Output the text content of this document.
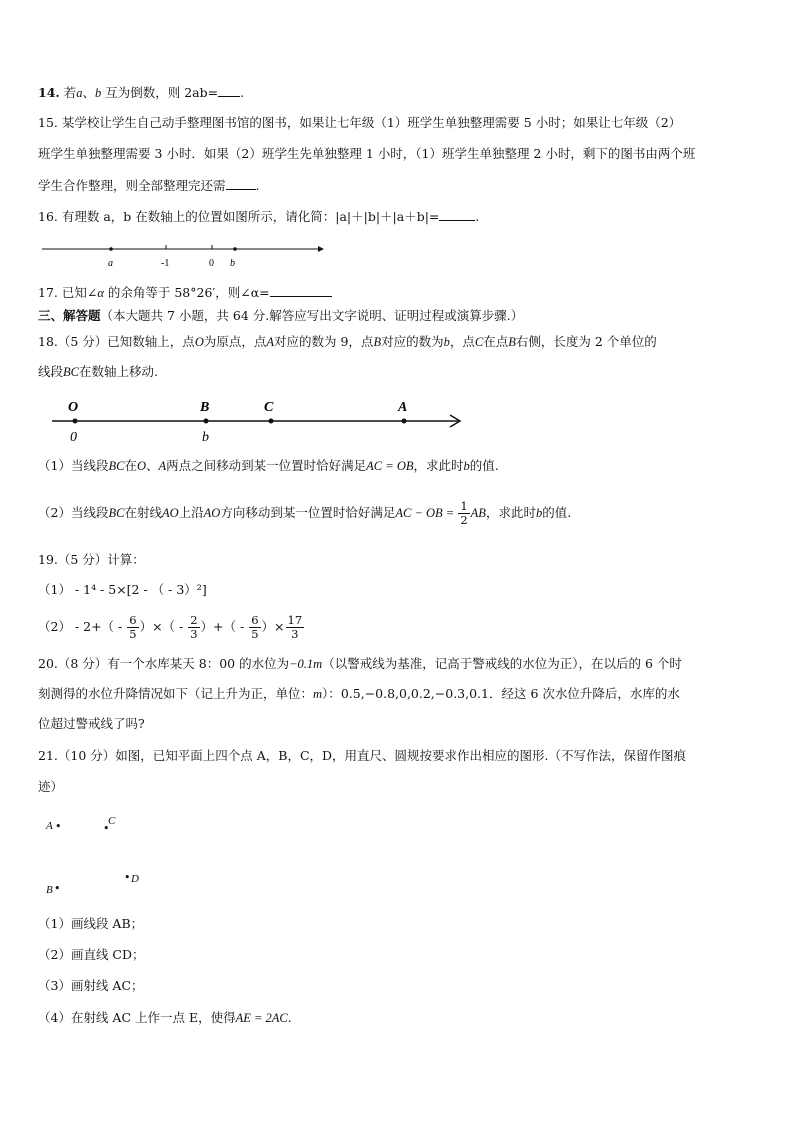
14. 若a、b 互为倒数，则 2ab= .
15. 某学校让学生自己动手整理图书馆的图书，如果让七年级（1）班学生单独整理需要 5 小时；如果让七年级（2）
班学生单独整理需要 3 小时．如果（2）班学生先单独整理 1 小时，（1）班学生单独整理 2 小时，剩下的图书由两个班
学生合作整理，则全部整理完还需 .
16. 有理数 a，b 在数轴上的位置如图所示，请化简：|a|＋|b|＋|a＋b|=	.
a	-1	0 b
17. 已知∠α 的余角等于 58°26′，则∠α=
三、解答题（本大题共 7 小题，共 64 分.解答应写出文字说明、证明过程或演算步骤.）
18.（5 分）已知数轴上，点O为原点，点A对应的数为 9，点B对应的数为b，点C在点B右侧，长度为 2 个单位的
线段BC在数轴上移动.
O	B	C	A
0	b
（1）当线段BC在O、A两点之间移动到某一位置时恰好满足AC = OB，求此时b的值.
（2）当线段BC在射线AO上沿AO方向移动到某一位置时恰好满足AC − OB = $\frac{1}{2}$ AB，求此时b的值.
19.（5 分）计算：
（1） - 1⁴ - 5×[2 - （ - 3）²]
$(2) - 2+( - \frac{6}{5}$ ）×（ - $\frac{2}{3}$ ）+（ - $\frac{6}{5}$ ）× $\frac{17}{3}$
20.（8 分）有一个水库某天 8：00 的水位为−0.1m（以警戒线为基准，记高于警戒线的水位为正），在以后的 6 个时
刻测得的水位升降情况如下（记上升为正，单位：m）：0.5,−0.8,0,0.2,−0.3,0.1．经这 6 次水位升降后，水库的水
位超过警戒线了吗?
21.（10 分）如图，已知平面上四个点 A，B，C，D，用直尺、圆规按要求作出相应的图形.（不写作法，保留作图痕
迹）
A •	•
C
• D
B •
（1）画线段 AB；
（2）画直线 CD；
（3）画射线 AC；
（4）在射线 AC 上作一点 E，使得AE = 2AC.
